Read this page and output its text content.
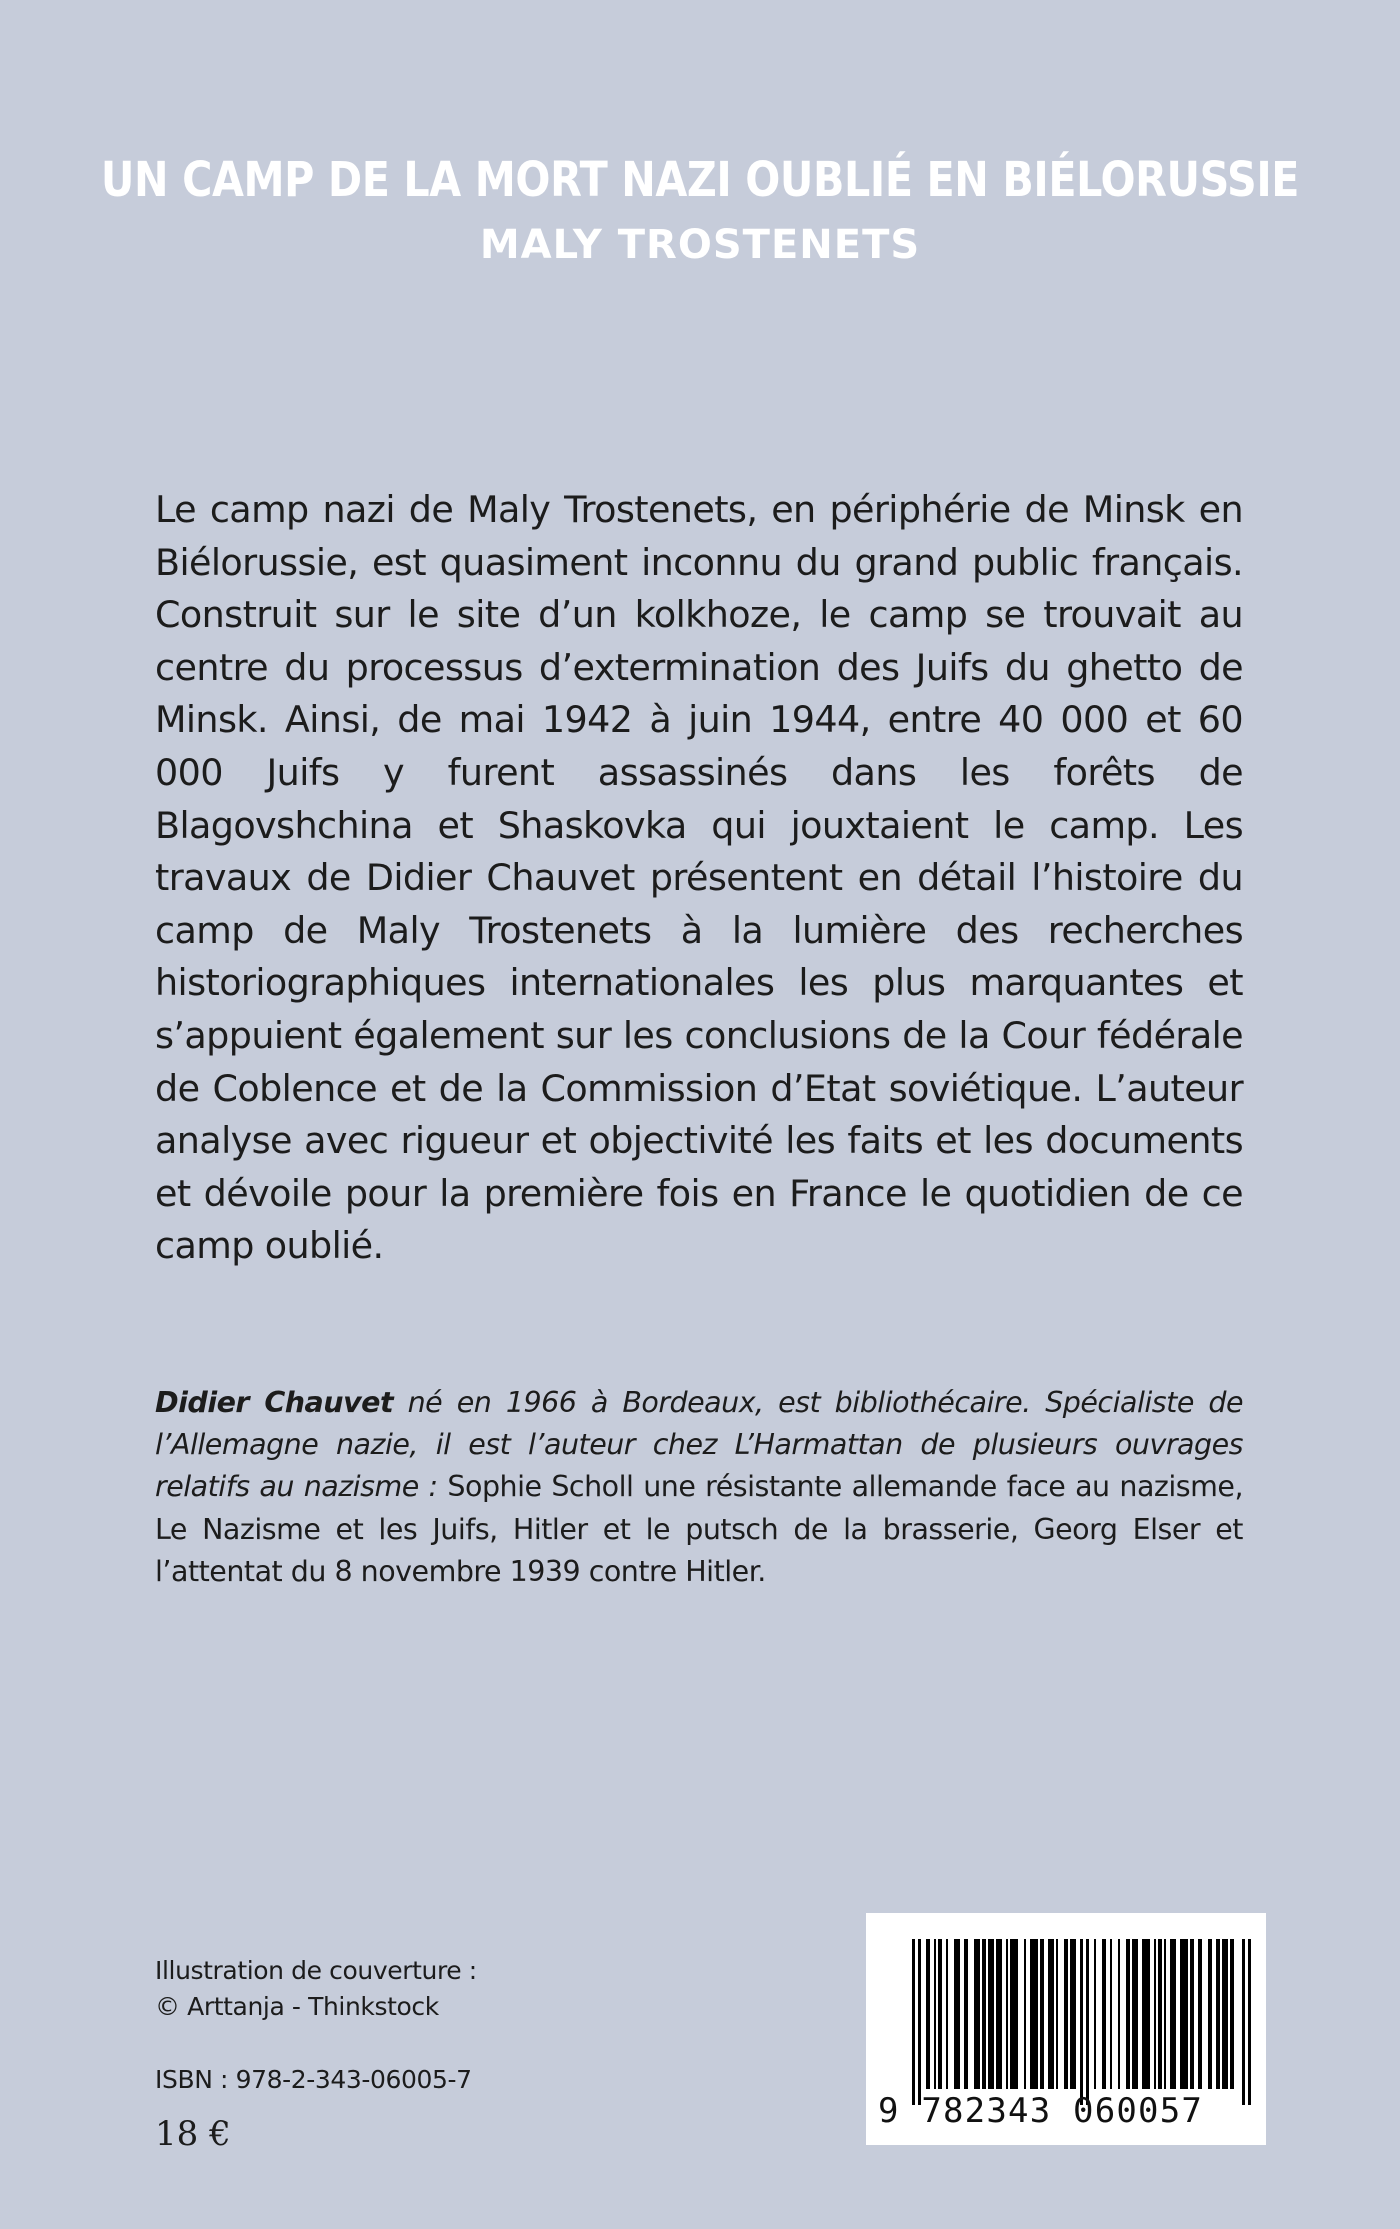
UN CAMP DE LA MORT NAZI OUBLIÉ EN BIÉLORUSSIE
MALY TROSTENETS

Le camp nazi de Maly Trostenets, en périphérie de Minsk en Biélorussie, est quasiment inconnu du grand public français. Construit sur le site d’un kolkhoze, le camp se trouvait au centre du processus d’extermination des Juifs du ghetto de Minsk. Ainsi, de mai 1942 à juin 1944, entre 40 000 et 60 000 Juifs y furent assassinés dans les forêts de Blagovshchina et Shaskovka qui jouxtaient le camp. Les travaux de Didier Chauvet présentent en détail l’histoire du camp de Maly Trostenets à la lumière des recherches historiographiques internationales les plus marquantes et s’appuient également sur les conclusions de la Cour fédérale de Coblence et de la Commission d’Etat soviétique. L’auteur analyse avec rigueur et objectivité les faits et les documents et dévoile pour la première fois en France le quotidien de ce camp oublié.

Didier Chauvet né en 1966 à Bordeaux, est bibliothécaire. Spécialiste de l’Allemagne nazie, il est l’auteur chez L’Harmattan de plusieurs ouvrages relatifs au nazisme : Sophie Scholl une résistante allemande face au nazisme, Le Nazisme et les Juifs, Hitler et le putsch de la brasserie, Georg Elser et l’attentat du 8 novembre 1939 contre Hitler.

Illustration de couverture :
© Arttanja - Thinkstock
ISBN : 978-2-343-06005-7
18 €
9 782343 060057
